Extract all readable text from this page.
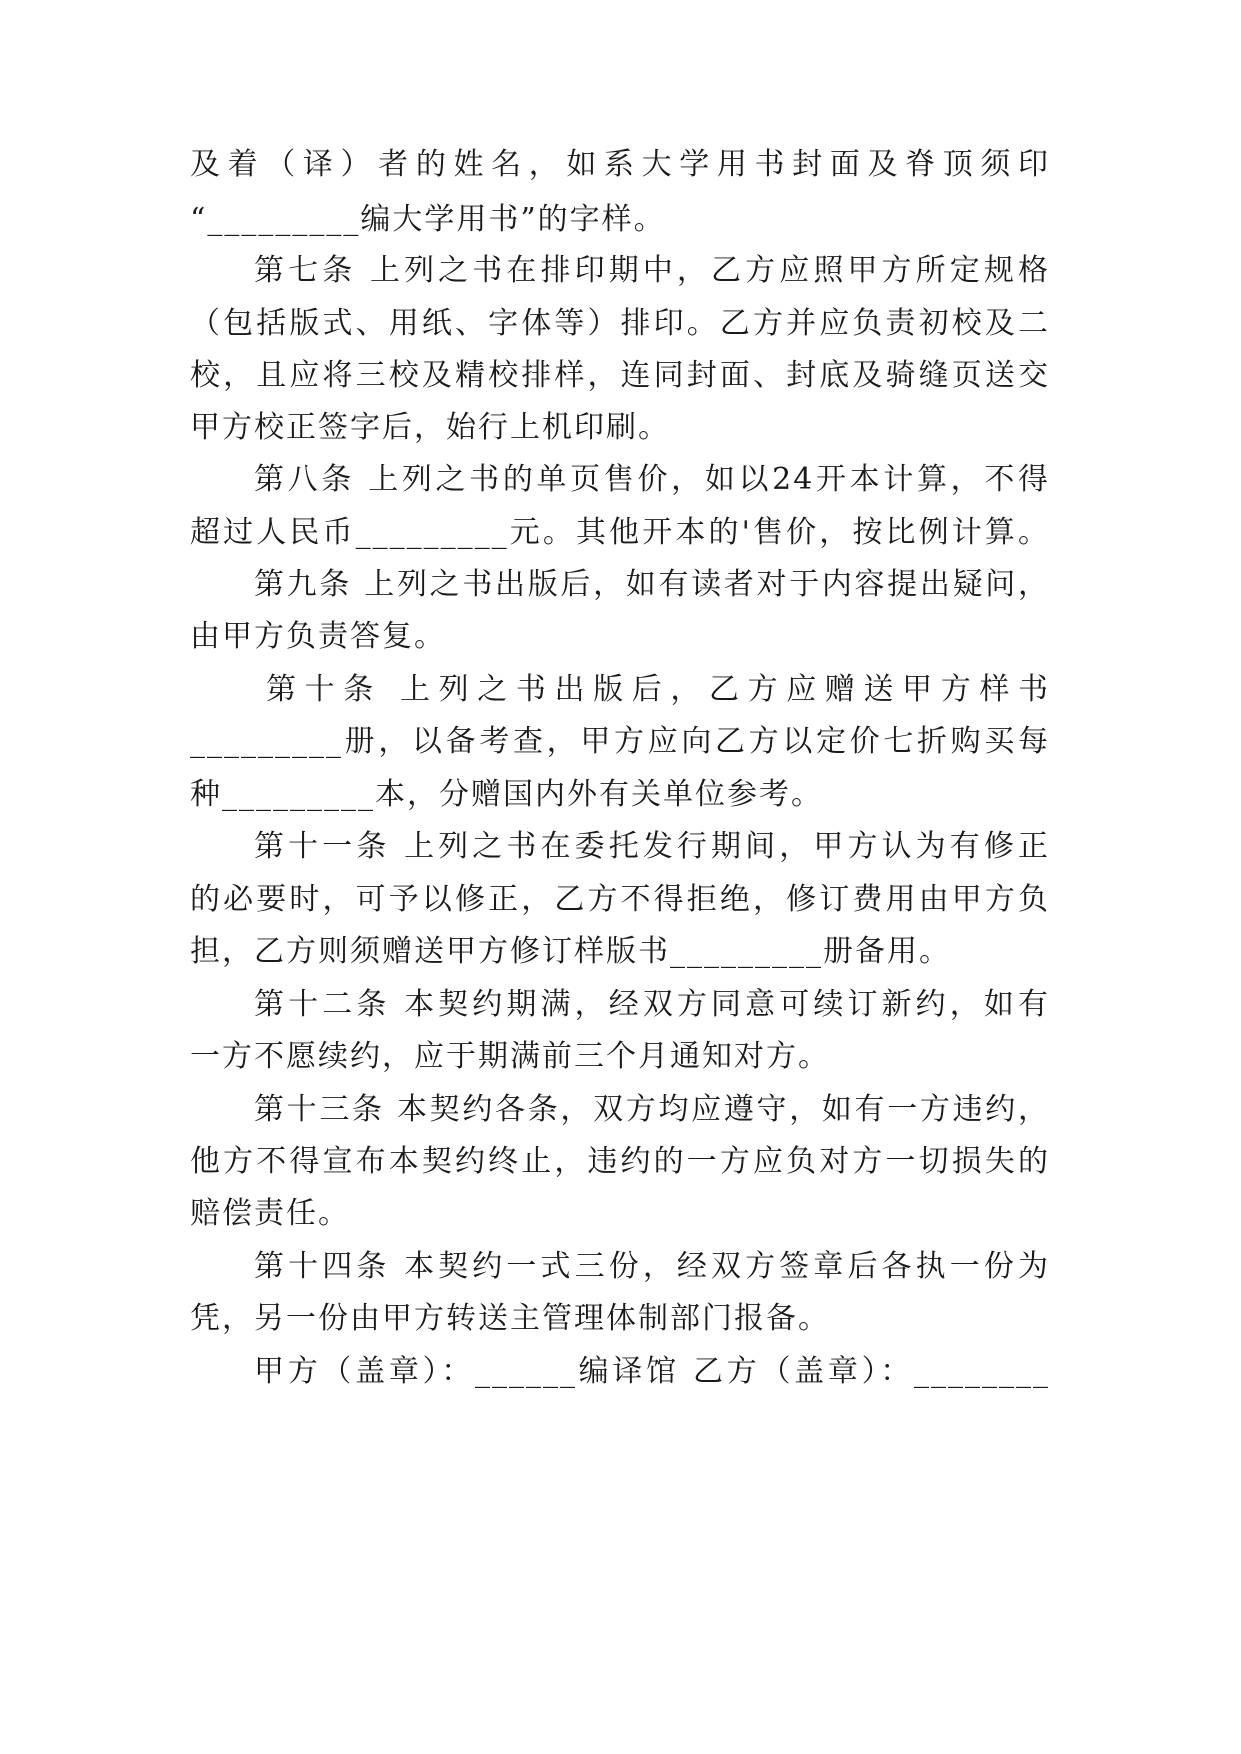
及着（译）者的姓名，如系大学用书封面及脊顶须印
“_________编大学用书”的字样。
第七条 上列之书在排印期中，乙方应照甲方所定规格
（包括版式、用纸、字体等）排印。乙方并应负责初校及二
校，且应将三校及精校排样，连同封面、封底及骑缝页送交
甲方校正签字后，始行上机印刷。
第八条 上列之书的单页售价，如以24开本计算，不得
超过人民币_________元。其他开本的'售价，按比例计算。
第九条 上列之书出版后，如有读者对于内容提出疑问，
由甲方负责答复。
第十条 上列之书出版后，乙方应赠送甲方样书
_________册，以备考查，甲方应向乙方以定价七折购买每
种_________本，分赠国内外有关单位参考。
第十一条 上列之书在委托发行期间，甲方认为有修正
的必要时，可予以修正，乙方不得拒绝，修订费用由甲方负
担，乙方则须赠送甲方修订样版书_________册备用。
第十二条 本契约期满，经双方同意可续订新约，如有
一方不愿续约，应于期满前三个月通知对方。
第十三条 本契约各条，双方均应遵守，如有一方违约，
他方不得宣布本契约终止，违约的一方应负对方一切损失的
赔偿责任。
第十四条 本契约一式三份，经双方签章后各执一份为
凭，另一份由甲方转送主管理体制部门报备。
甲方（盖章）：______编译馆 乙方（盖章）：________
